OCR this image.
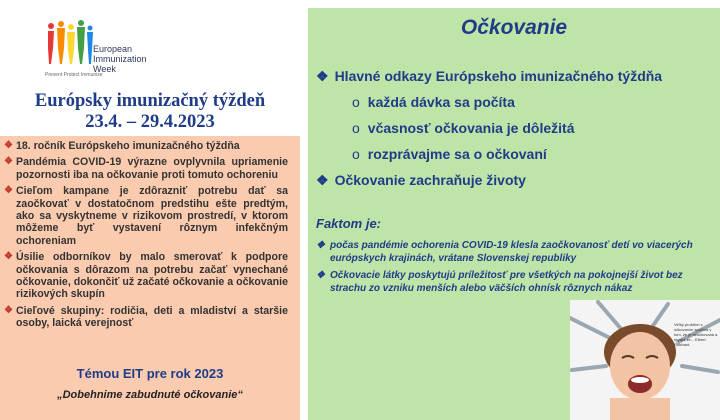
European
Immunization
Week
Prevent Protect Immunize
Európsky imunizačný týždeň
23.4. – 29.4.2023
❖ 18. ročník Európskeho imunizačného týždňa
❖ Pandémia COVID-19 výrazne ovplyvnila upriamenie pozornosti iba na očkovanie proti tomuto ochoreniu
❖ Cieľom kampane je zdôrazniť potrebu dať sa zaočkovať v dostatočnom predstihu ešte predtým, ako sa vyskytneme v rizikovom prostredí, v ktorom môžeme byť vystavení rôznym infekčným ochoreniam
❖ Úsilie odborníkov by malo smerovať k podpore očkovania s dôrazom na potrebu začať vynechané očkovanie, dokončiť už začaté očkovanie a očkovanie rizikových skupín
❖ Cieľové skupiny: rodičia, deti a mladiství a staršie osoby, laická verejnosť
Témou EIT pre rok 2023
„Dobehnime zabudnuté očkovanie“
Očkovanie
❖ Hlavné odkazy Európskeho imunizačného týždňa
o každá dávka sa počíta
o včasnosť očkovania je dôležitá
o rozprávajme sa o očkovaní
❖ Očkovanie zachraňuje životy
Faktom je:
❖ počas pandémie ochorenia COVID-19 klesla zaočkovanosť detí vo viacerých európskych krajinách, vrátane Slovenskej republiky
❖ Očkovacie látky poskytujú príležitosť pre všetkých na pokojnejší život bez strachu zo vzniku menších alebo väčších ohnísk rôznych nákaz
Veľký problém s očkovaním spočíva v tom, že je neočkovaná a myslia že... Elbert Hubbard
